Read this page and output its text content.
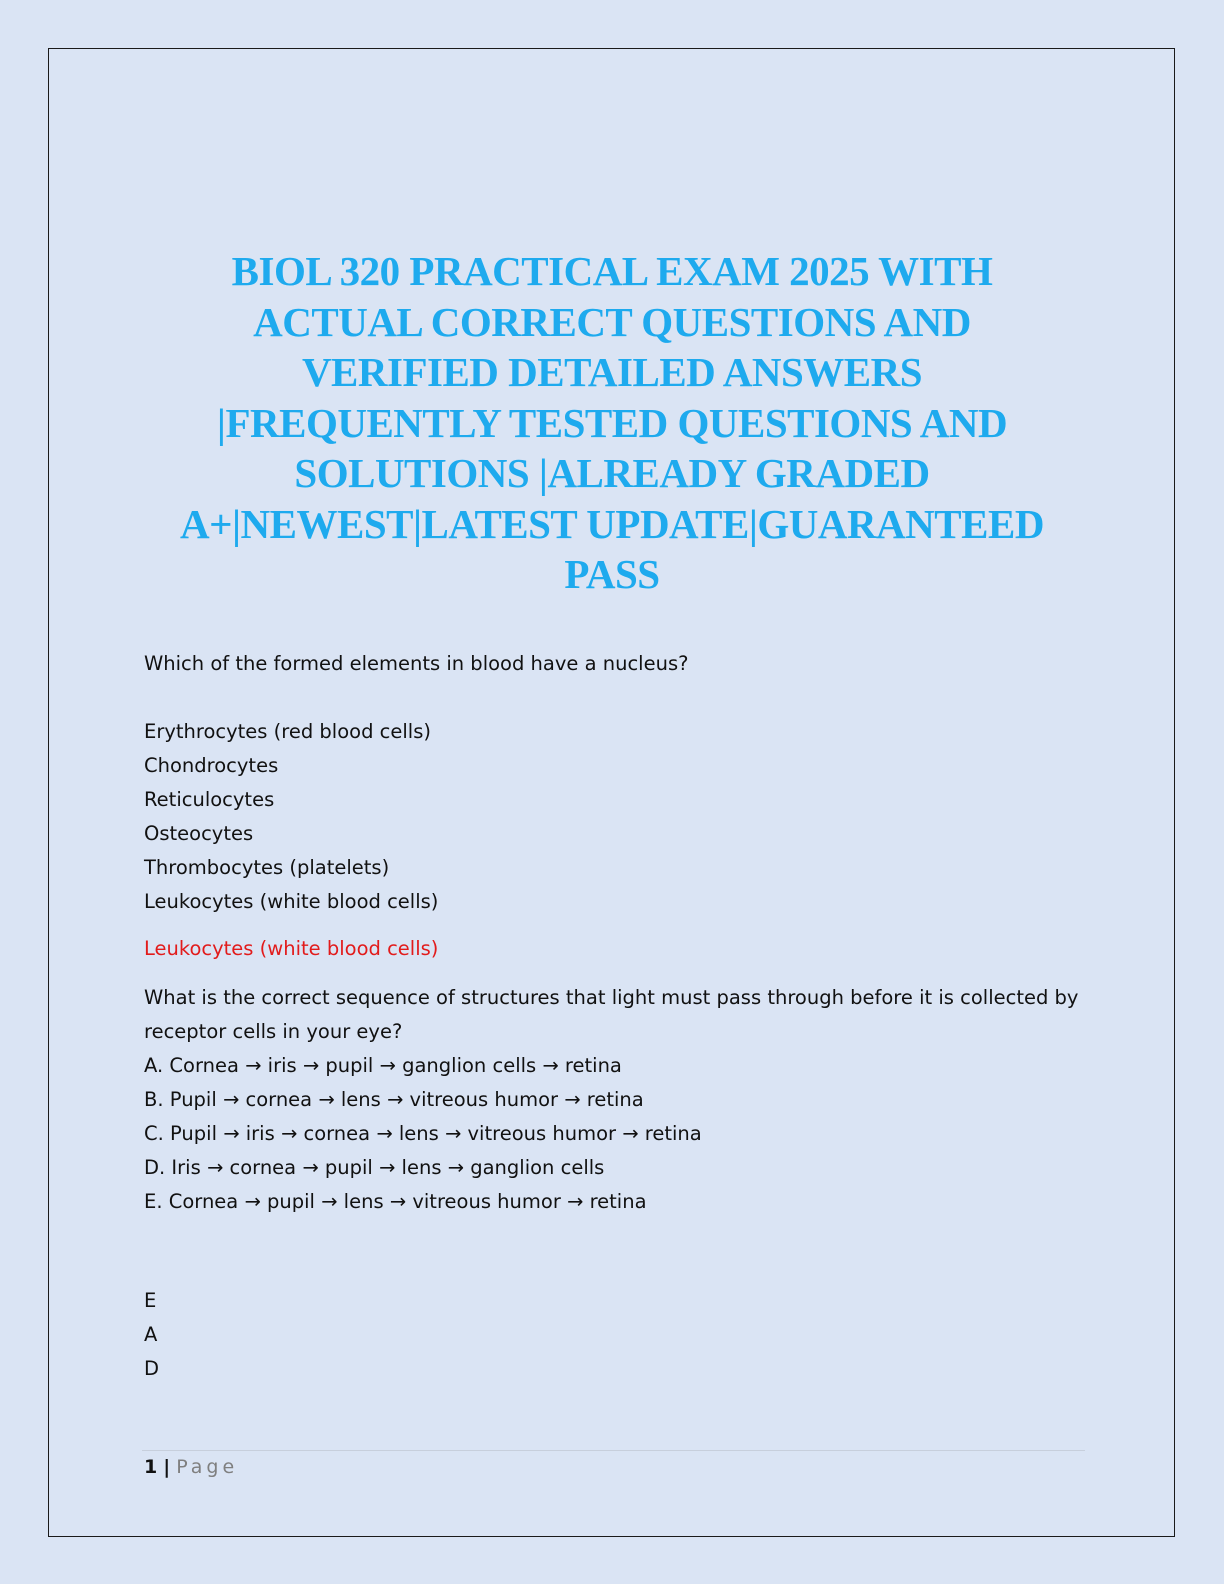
BIOL 320 PRACTICAL EXAM 2025 WITH
ACTUAL CORRECT QUESTIONS AND
VERIFIED DETAILED ANSWERS
|FREQUENTLY TESTED QUESTIONS AND
SOLUTIONS |ALREADY GRADED
A+|NEWEST|LATEST UPDATE|GUARANTEED
PASS
Which of the formed elements in blood have a nucleus?
Erythrocytes (red blood cells)
Chondrocytes
Reticulocytes
Osteocytes
Thrombocytes (platelets)
Leukocytes (white blood cells)
Leukocytes (white blood cells)
What is the correct sequence of structures that light must pass through before it is collected by
receptor cells in your eye?
A. Cornea → iris → pupil → ganglion cells → retina
B. Pupil → cornea → lens → vitreous humor → retina
C. Pupil → iris → cornea → lens → vitreous humor → retina
D. Iris → cornea → pupil → lens → ganglion cells
E. Cornea → pupil → lens → vitreous humor → retina
E
A
D
1 | Page
